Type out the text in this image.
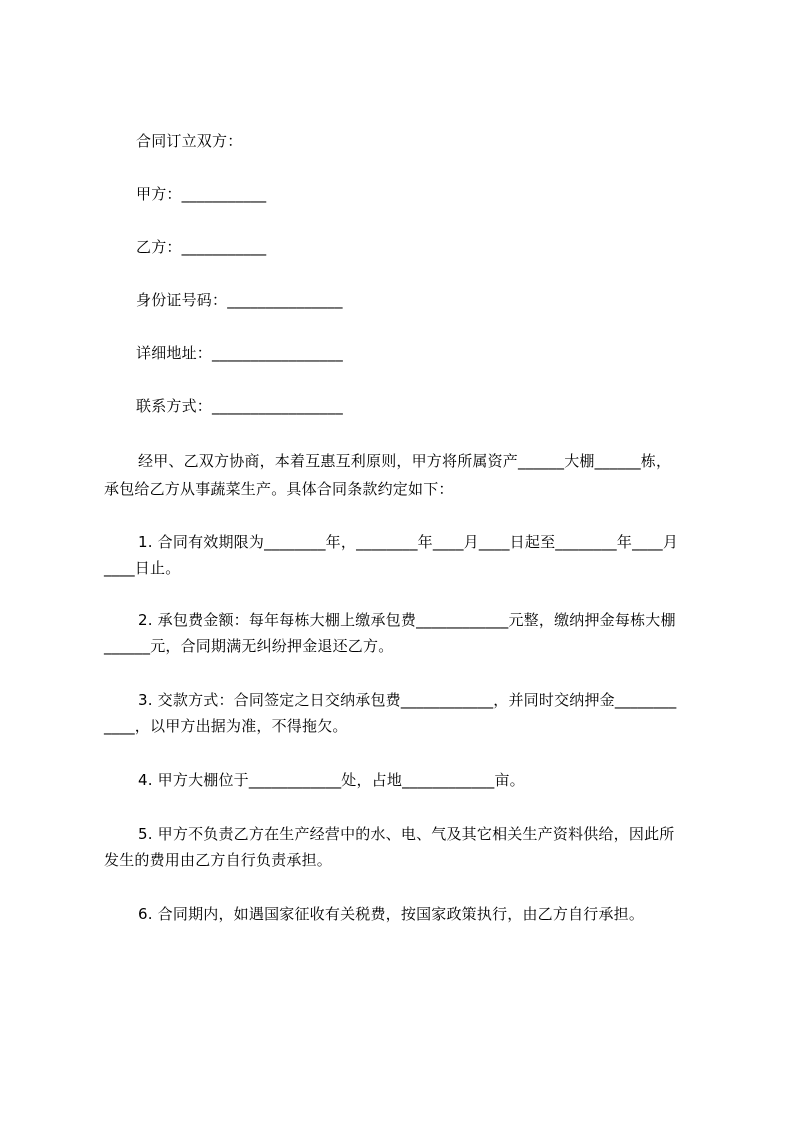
合同订立双方：
甲方：___________
乙方：___________
身份证号码：_______________
详细地址：_________________
联系方式：_________________
经甲、乙双方协商，本着互惠互利原则，甲方将所属资产______大棚______栋，
承包给乙方从事蔬菜生产。具体合同条款约定如下：
1. 合同有效期限为________年，________年____月____日起至________年____月
____日止。
2. 承包费金额：每年每栋大棚上缴承包费____________元整，缴纳押金每栋大棚
______元，合同期满无纠纷押金退还乙方。
3. 交款方式：合同签定之日交纳承包费____________，并同时交纳押金________
____，以甲方出据为准，不得拖欠。
4. 甲方大棚位于____________处，占地____________亩。
5. 甲方不负责乙方在生产经营中的水、电、气及其它相关生产资料供给，因此所
发生的费用由乙方自行负责承担。
6. 合同期内，如遇国家征收有关税费，按国家政策执行，由乙方自行承担。
